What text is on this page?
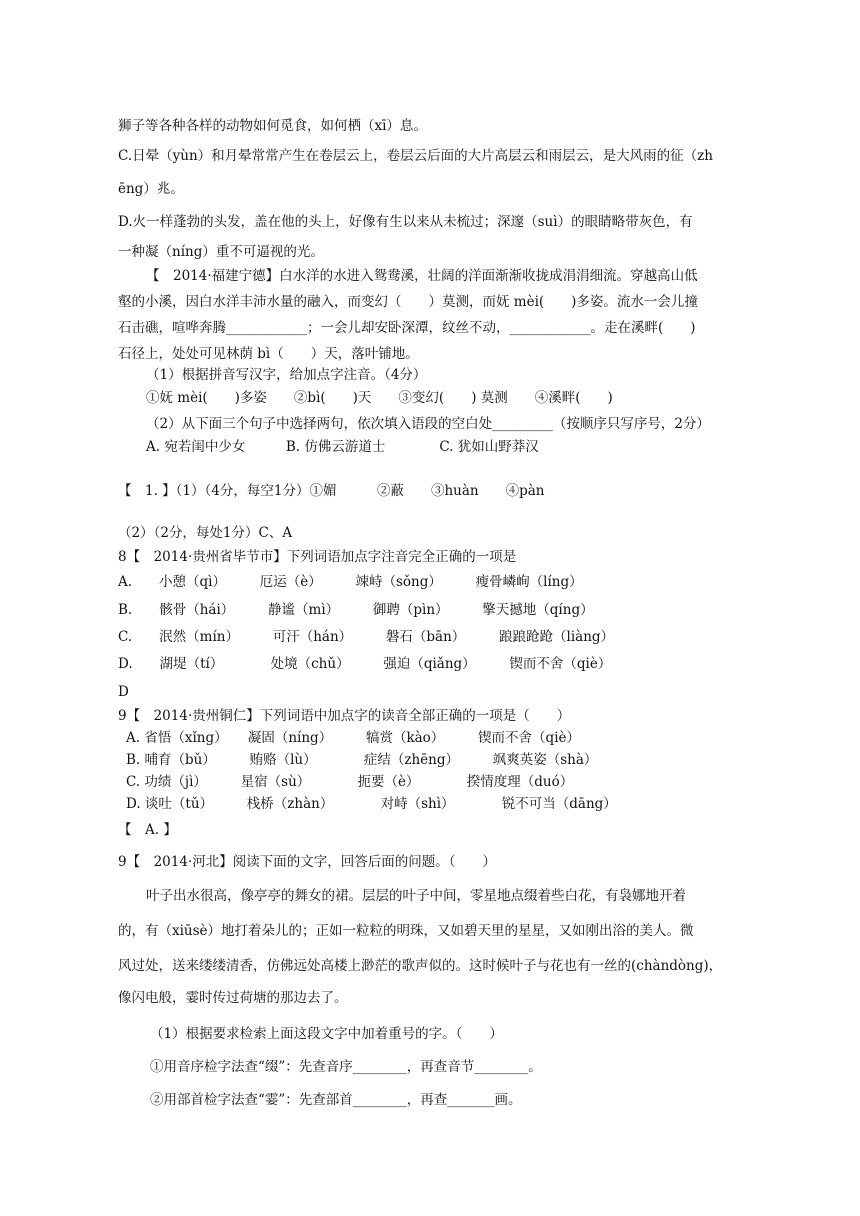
狮子等各种各样的动物如何觅食，如何栖（xī）息。
C.日晕（yùn）和月晕常常产生在卷层云上，卷层云后面的大片高层云和雨层云，是大风雨的征（zh
ēng）兆。
D.火一样蓬勃的头发，盖在他的头上，好像有生以来从未梳过；深邃（suì）的眼睛略带灰色，有
一种凝（níng）重不可逼视的光。
【　2014·福建宁德】白水洋的水进入鸳鸯溪，壮阔的洋面渐渐收拢成涓涓细流。穿越高山低
壑的小溪，因白水洋丰沛水量的融入，而变幻（　　）莫测，而妩 mèi(　　)多姿。流水一会儿撞
石击礁，喧哗奔腾____________；一会儿却安卧深潭，纹丝不动，____________。走在溪畔(　　)
石径上，处处可见林荫 bì（　　）天，落叶铺地。
（1）根据拼音写汉字，给加点字注音。（4分）
①妩 mèi(　　)多姿　　②bì(　　)天　　③变幻(　　) 莫测　　④溪畔(　　)
（2）从下面三个句子中选择两句，依次填入语段的空白处_________（按顺序只写序号，2分）
A. 宛若闺中少女　　　B. 仿佛云游道士　　　　C. 犹如山野莽汉
【　1. 】（1）（4分，每空1分）①媚　　　②蔽　　③huàn　　④pàn
（2）（2分，每处1分）C、A
8【　2014·贵州省毕节市】下列词语加点字注音完全正确的一项是
A.　　小憩（qì）　　　厄运（è）　　　竦峙（sǒng）　　　瘦骨嶙峋（líng）
B.　　骸骨（hái）　　　静谧（mì）　　　御聘（pìn）　　　擎天撼地（qíng）
C.　　泯然（mín）　　　可汗（hán）　　　磐石（bān）　　　踉踉跄跄（liàng）
D.　　湖堤（tí）　　　　处境（chǔ）　　　强迫（qiǎng）　　　锲而不舍（qiè）
D
9【　2014·贵州铜仁】下列词语中加点字的读音全部正确的一项是（　　）
A. 省悟（xǐng）　　凝固（níng）　　　犒赏（kào）　　　锲而不舍（qiè）
B. 哺育（bǔ）　　　贿赂（lù）　　　　症结（zhēng）　　　飒爽英姿（shà）
C. 功绩（jì）　　　星宿（sù）　　　　扼要（è）　　　　揆情度理（duó）
D. 谈吐（tǔ）　　　栈桥（zhàn）　　　　对峙（shì）　　　　锐不可当（dāng）
【　A. 】
9【　2014·河北】阅读下面的文字，回答后面的问题。（　　）
叶子出水很高，像亭亭的舞女的裙。层层的叶子中间，零星地点缀着些白花，有袅娜地开着
的，有（xiūsè）地打着朵儿的；正如一粒粒的明珠，又如碧天里的星星，又如刚出浴的美人。微
风过处，送来缕缕清香，仿佛远处高楼上渺茫的歌声似的。这时候叶子与花也有一丝的(chàndòng)，
像闪电般，霎时传过荷塘的那边去了。
（1）根据要求检索上面这段文字中加着重号的字。（　　）
①用音序检字法查“缀”：先查音序________，再查音节________。
②用部首检字法查“霎”：先查部首________，再查_______画。
